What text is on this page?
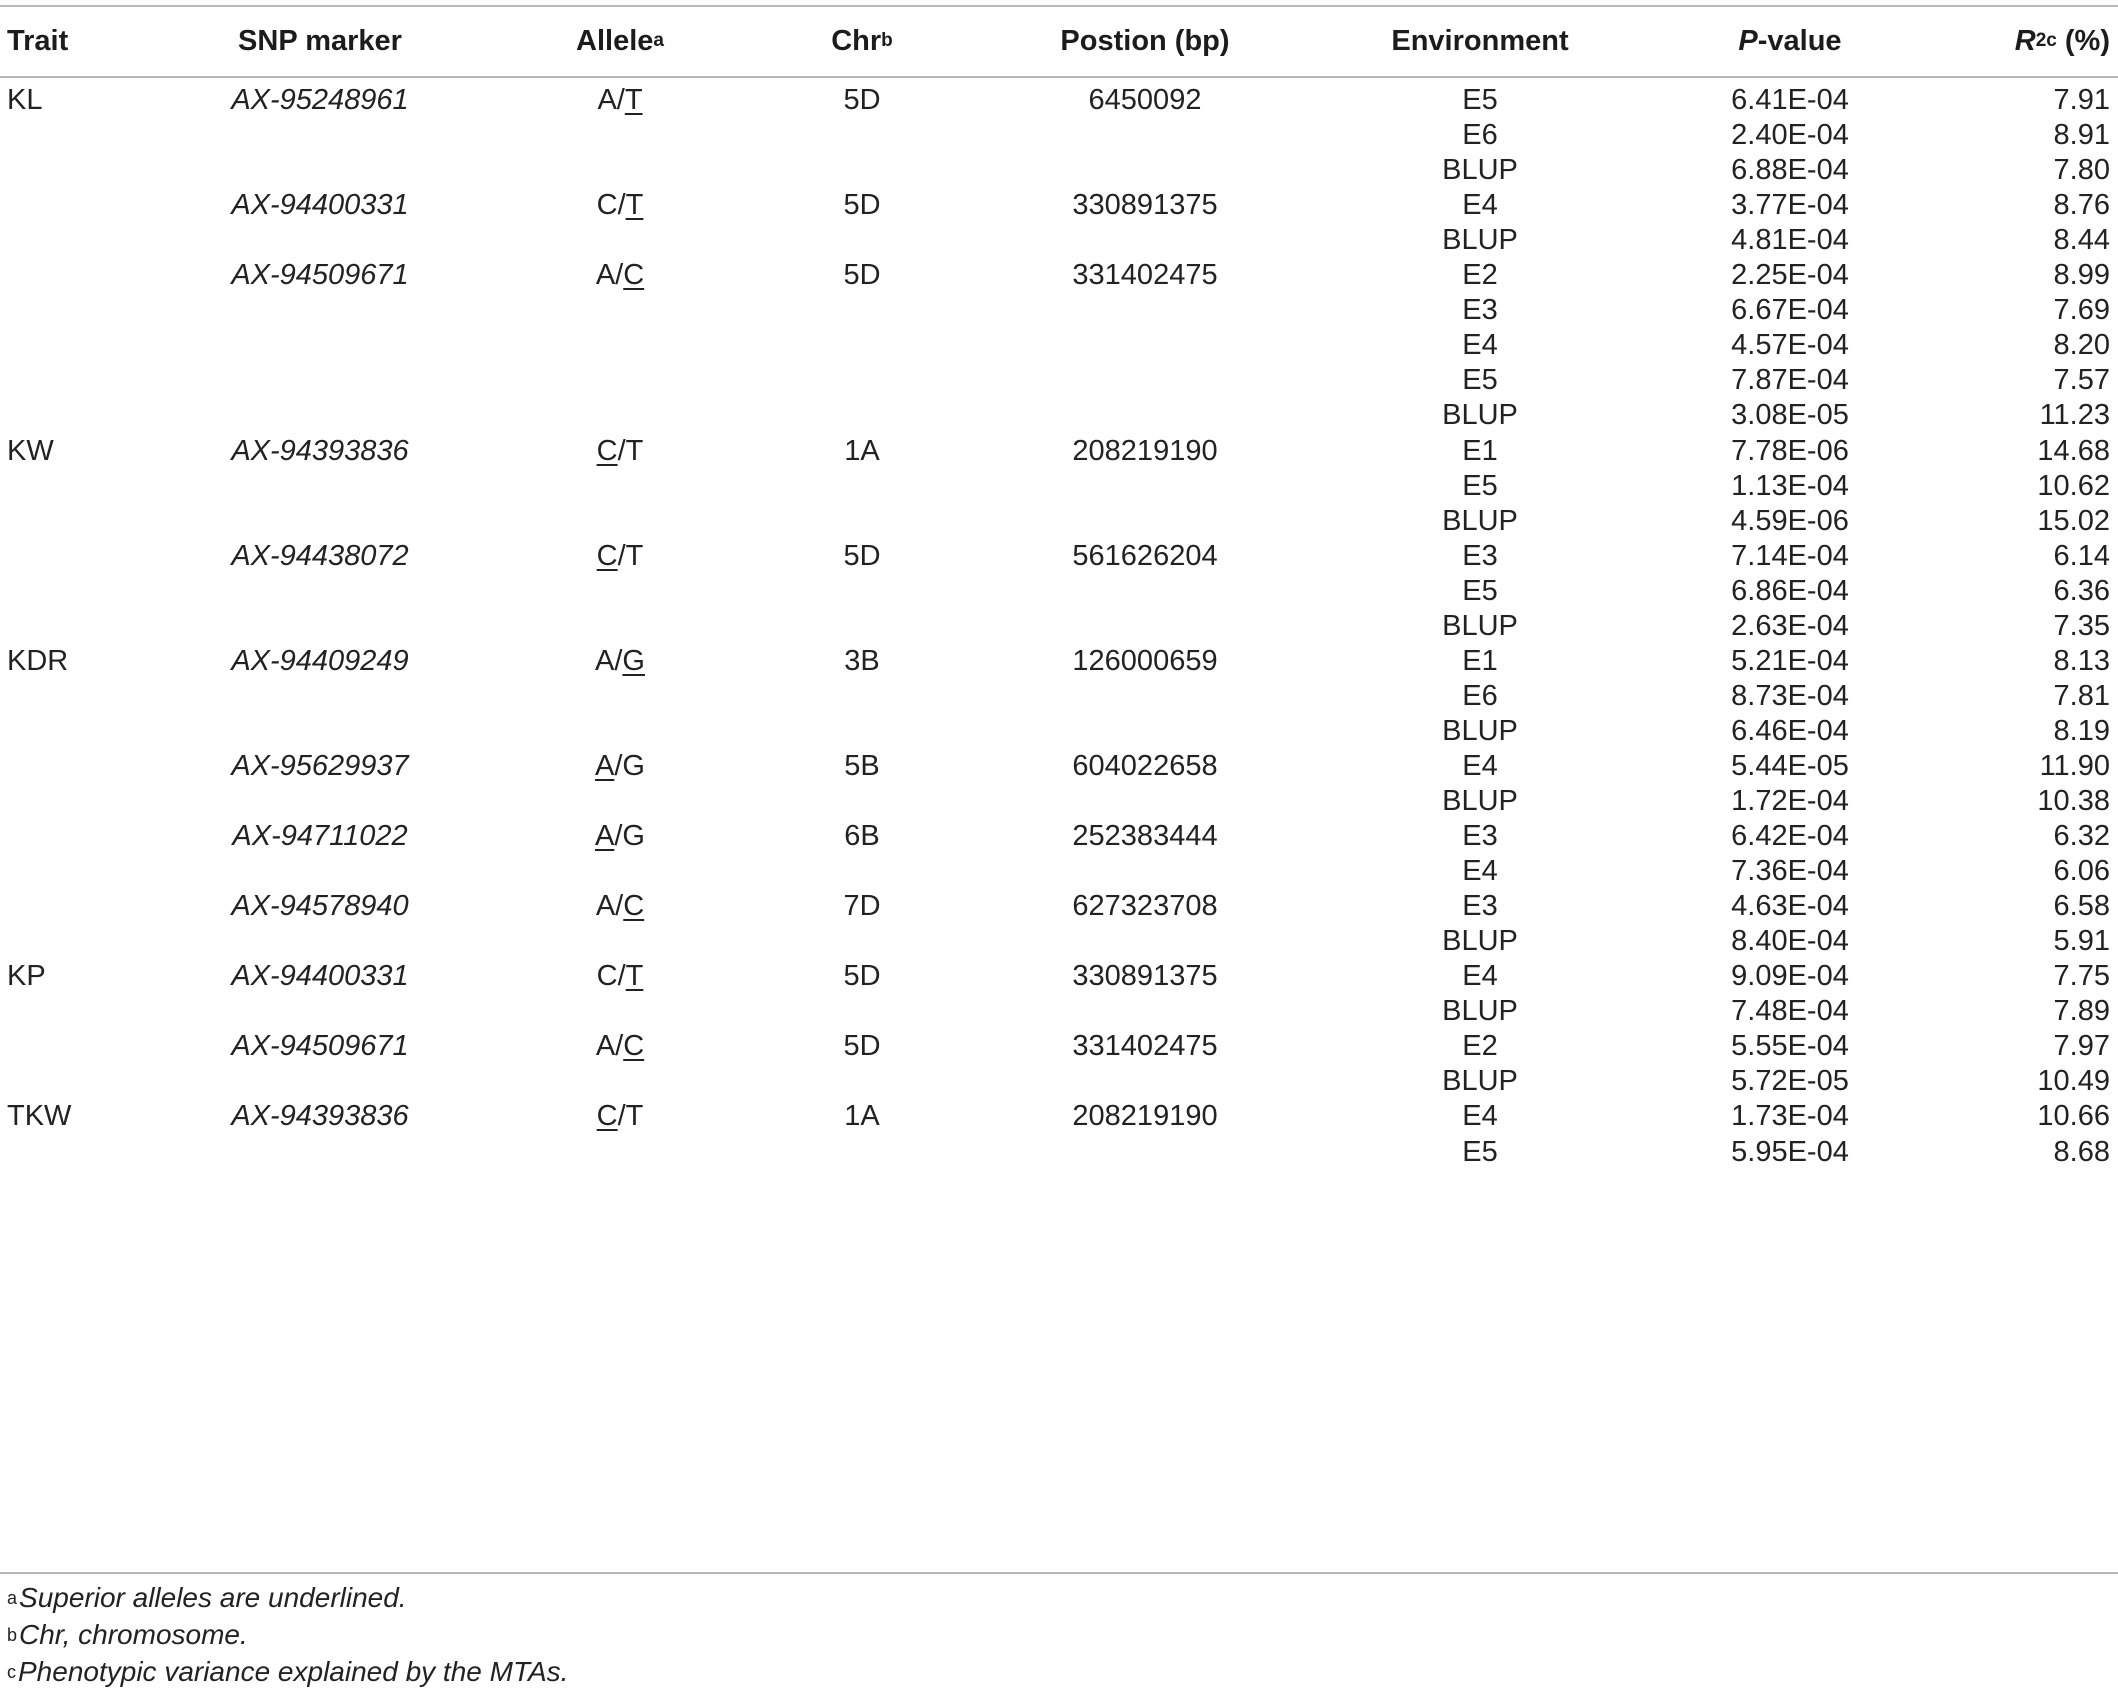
Trait	SNP marker	Allele a	Chr b	Postion (bp)	Environment	P -value	R 2c (%)
KL	AX-95248961	A / T	5D	6450092	E5	6.41E-04	7.91
E6	2.40E-04	8.91
BLUP	6.88E-04	7.80
AX-94400331	C / T	5D	330891375	E4	3.77E-04	8.76
BLUP	4.81E-04	8.44
AX-94509671	A / C	5D	331402475	E2	2.25E-04	8.99
E3	6.67E-04	7.69
E4	4.57E-04	8.20
E5	7.87E-04	7.57
BLUP	3.08E-05	11.23
KW	AX-94393836	C / T	1A	208219190	E1	7.78E-06	14.68
E5	1.13E-04	10.62
BLUP	4.59E-06	15.02
AX-94438072	C / T	5D	561626204	E3	7.14E-04	6.14
E5	6.86E-04	6.36
BLUP	2.63E-04	7.35
KDR	AX-94409249	A / G	3B	126000659	E1	5.21E-04	8.13
E6	8.73E-04	7.81
BLUP	6.46E-04	8.19
AX-95629937	A / G	5B	604022658	E4	5.44E-05	11.90
BLUP	1.72E-04	10.38
AX-94711022	A / G	6B	252383444	E3	6.42E-04	6.32
E4	7.36E-04	6.06
AX-94578940	A / C	7D	627323708	E3	4.63E-04	6.58
BLUP	8.40E-04	5.91
KP	AX-94400331	C / T	5D	330891375	E4	9.09E-04	7.75
BLUP	7.48E-04	7.89
AX-94509671	A / C	5D	331402475	E2	5.55E-04	7.97
BLUP	5.72E-05	10.49
TKW	AX-94393836	C / T	1A	208219190	E4	1.73E-04	10.66
E5	5.95E-04	8.68
a Superior alleles are underlined.
b Chr, chromosome.
c Phenotypic variance explained by the MTAs.
